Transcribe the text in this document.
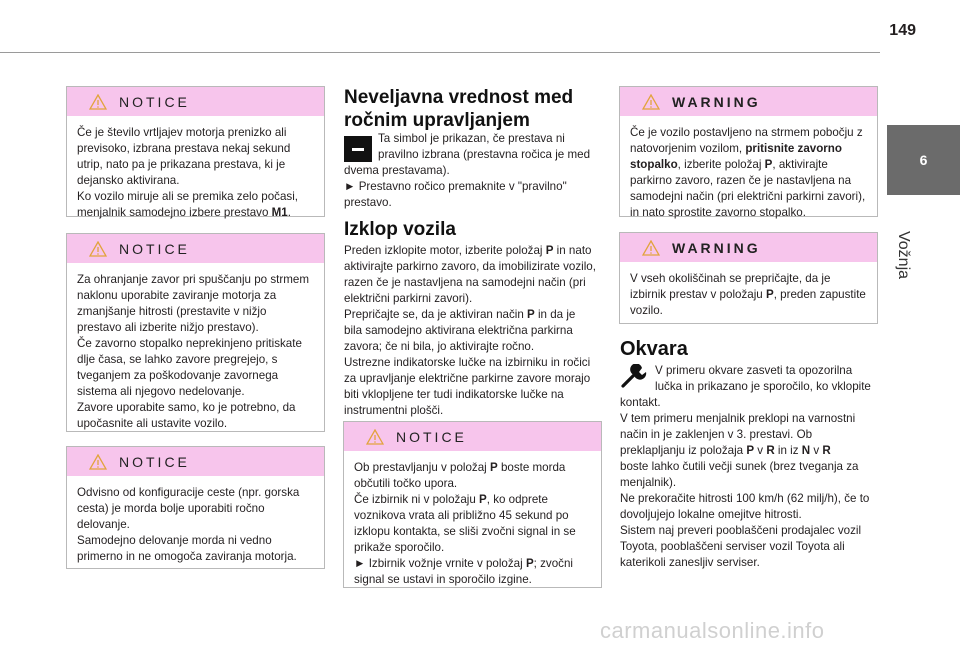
149
6
Vožnja
NOTICE

Če je število vrtljajev motorja prenizko ali

previsoko, izbrana prestava nekaj sekund

utrip, nato pa je prikazana prestava, ki je

dejansko aktivirana.

Ko vozilo miruje ali se premika zelo počasi,

menjalnik samodejno izbere prestavo M1.

NOTICE

Za ohranjanje zavor pri spuščanju po strmem

naklonu uporabite zaviranje motorja za

zmanjšanje hitrosti (prestavite v nižjo

prestavo ali izberite nižjo prestavo).

Če zavorno stopalko neprekinjeno pritiskate

dlje časa, se lahko zavore pregrejejo, s

tveganjem za poškodovanje zavornega

sistema ali njegovo nedelovanje.

Zavore uporabite samo, ko je potrebno, da

upočasnite ali ustavite vozilo.

NOTICE

Odvisno od konfiguracije ceste (npr. gorska

cesta) je morda bolje uporabiti ročno

delovanje.

Samodejno delovanje morda ni vedno

primerno in ne omogoča zaviranja motorja.

Neveljavna vrednost med
ročnim upravljanjem

Ta simbol je prikazan, če prestava ni

pravilno izbrana (prestavna ročica je med

dvema prestavama).

► Prestavno ročico premaknite v "pravilno"

prestavo.

Izklop vozila

Preden izklopite motor, izberite položaj P in nato

aktivirajte parkirno zavoro, da imobilizirate vozilo,

razen če je nastavljena na samodejni način (pri

električni parkirni zavori).

Prepričajte se, da je aktiviran način P in da je

bila samodejno aktivirana električna parkirna

zavora; če ni bila, jo aktivirajte ročno.

Ustrezne indikatorske lučke na izbirniku in ročici

za upravljanje električne parkirne zavore morajo

biti vklopljene ter tudi indikatorske lučke na

instrumentni plošči.

NOTICE

Ob prestavljanju v položaj P boste morda

občutili točko upora.

Če izbirnik ni v položaju P, ko odprete

voznikova vrata ali približno 45 sekund po

izklopu kontakta, se sliši zvočni signal in se

prikaže sporočilo.

► Izbirnik vožnje vrnite v položaj P; zvočni

signal se ustavi in sporočilo izgine.

WARNING

Če je vozilo postavljeno na strmem pobočju z

natovorjenim vozilom, pritisnite zavorno

stopalko, izberite položaj P, aktivirajte

parkirno zavoro, razen če je nastavljena na

samodejni način (pri električni parkirni zavori),

in nato sprostite zavorno stopalko.

WARNING

V vseh okoliščinah se prepričajte, da je

izbirnik prestav v položaju P, preden zapustite

vozilo.

Okvara

V primeru okvare zasveti ta opozorilna

lučka in prikazano je sporočilo, ko vklopite

kontakt.

V tem primeru menjalnik preklopi na varnostni

način in je zaklenjen v 3. prestavi. Ob

preklapljanju iz položaja P v R in iz N v R

boste lahko čutili večji sunek (brez tveganja za

menjalnik).

Ne prekoračite hitrosti 100 km/h (62 milj/h), če to

dovoljujejo lokalne omejitve hitrosti.

Sistem naj preveri pooblaščeni prodajalec vozil

Toyota, pooblaščeni serviser vozil Toyota ali

katerikoli zanesljiv serviser.

carmanualsonline.info
